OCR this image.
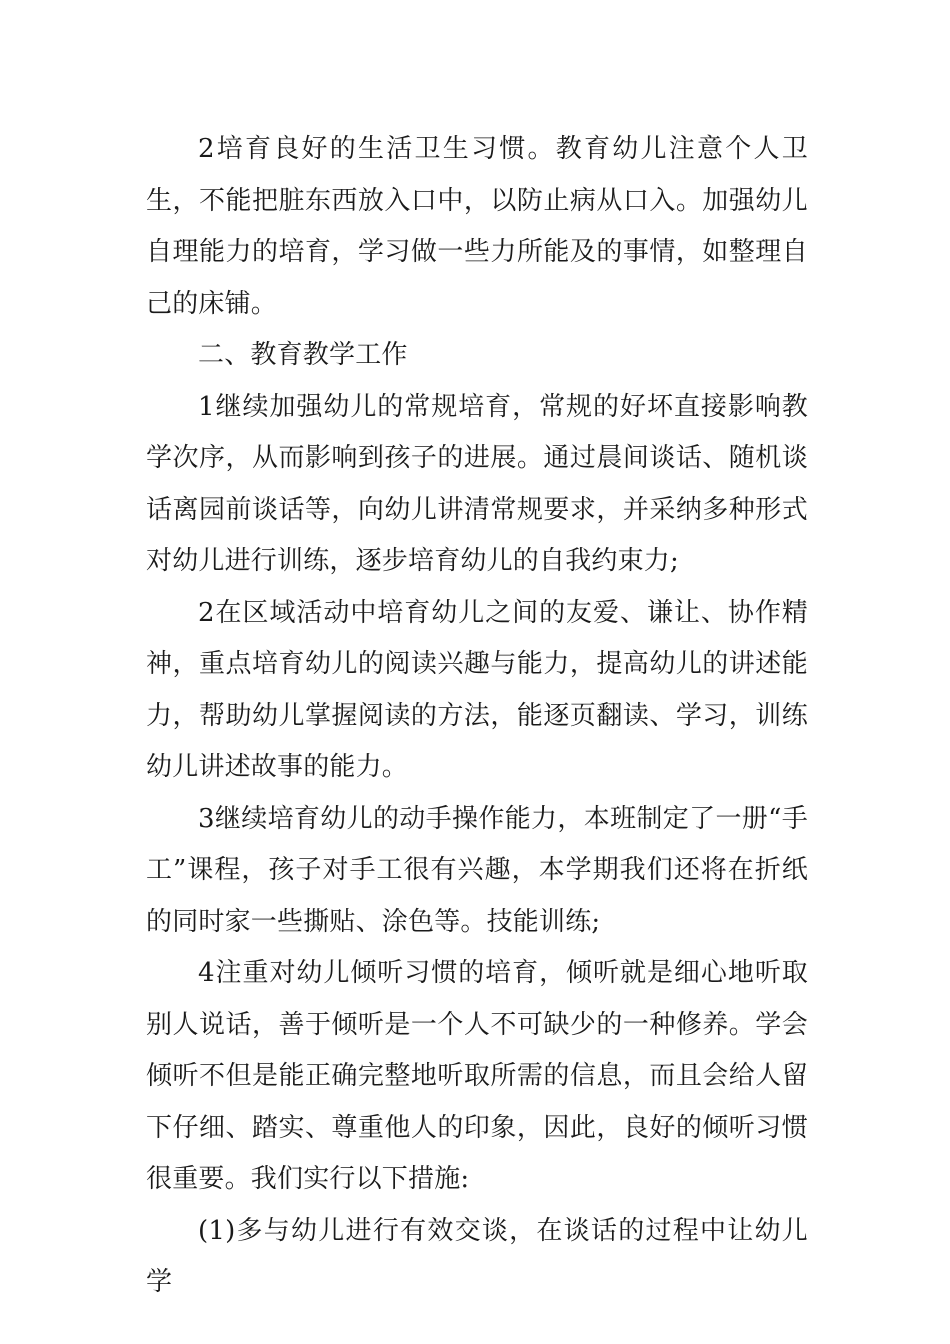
2培育良好的生活卫生习惯。教育幼儿注意个人卫生，不能把脏东西放入口中，以防止病从口入。加强幼儿自理能力的培育，学习做一些力所能及的事情，如整理自己的床铺。

二、教育教学工作

1继续加强幼儿的常规培育，常规的好坏直接影响教学次序，从而影响到孩子的进展。通过晨间谈话、随机谈话离园前谈话等，向幼儿讲清常规要求，并采纳多种形式对幼儿进行训练，逐步培育幼儿的自我约束力;

2在区域活动中培育幼儿之间的友爱、谦让、协作精神，重点培育幼儿的阅读兴趣与能力，提高幼儿的讲述能力，帮助幼儿掌握阅读的方法，能逐页翻读、学习，训练幼儿讲述故事的能力。

3继续培育幼儿的动手操作能力，本班制定了一册“手工”课程，孩子对手工很有兴趣，本学期我们还将在折纸的同时家一些撕贴、涂色等。技能训练;

4注重对幼儿倾听习惯的培育，倾听就是细心地听取别人说话，善于倾听是一个人不可缺少的一种修养。学会倾听不但是能正确完整地听取所需的信息，而且会给人留下仔细、踏实、尊重他人的印象，因此，良好的倾听习惯很重要。我们实行以下措施:

(1)多与幼儿进行有效交谈，在谈话的过程中让幼儿学
